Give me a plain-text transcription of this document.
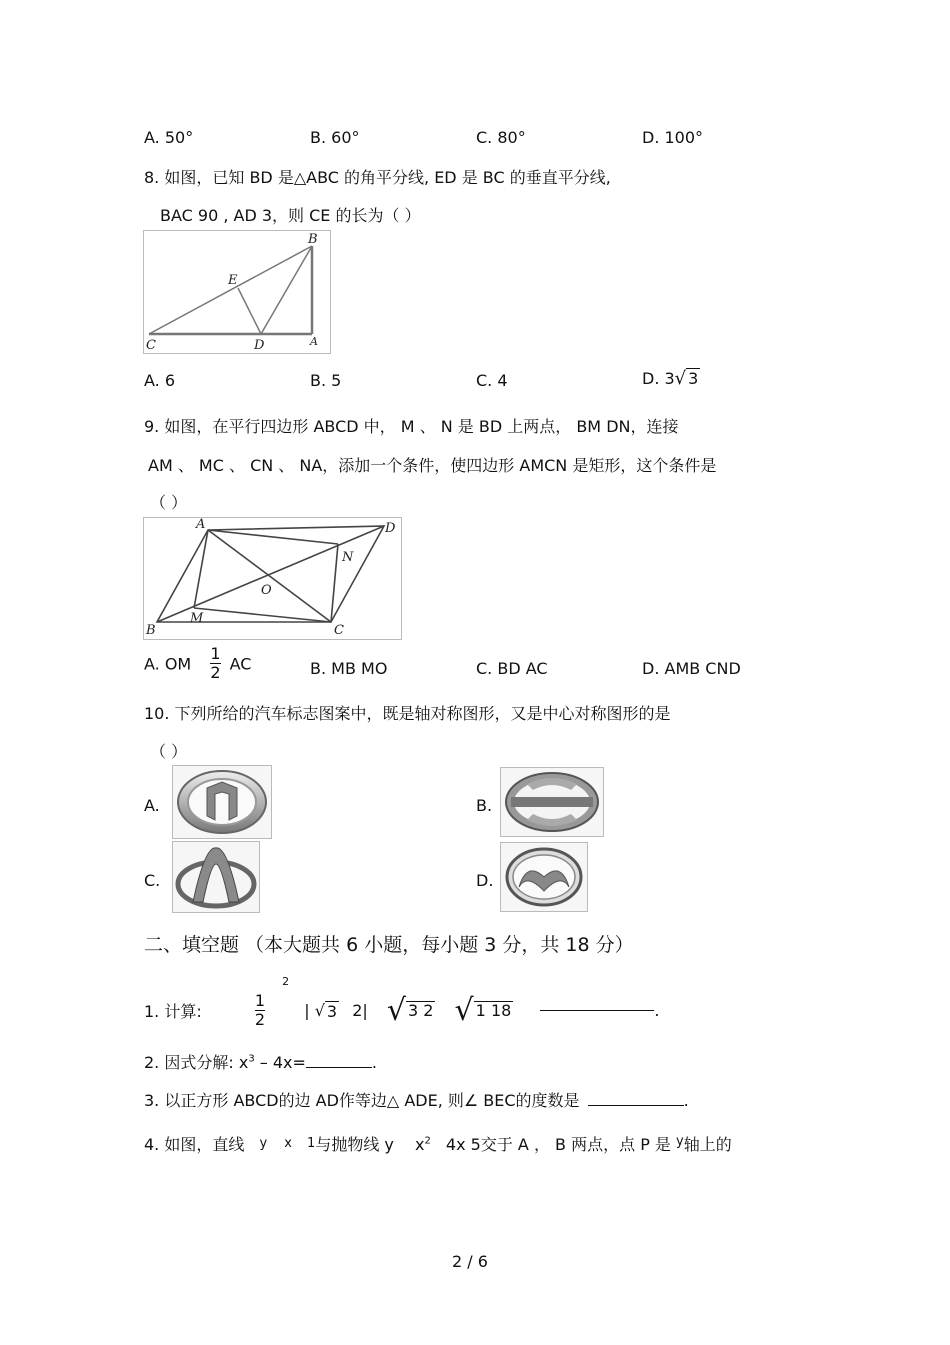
A. 50°	B. 60°	C. 80°	D. 100°
8. 如图，已知 BD 是△ABC 的角平分线, ED 是 BC 的垂直平分线,
BAC 90 , AD 3，则 CE 的长为（ ）
B
E
C	D	A
A. 6	B. 5	C. 4	D. 3√ 3
9. 如图，在平行四边形 ABCD 中， M 、 N 是 BD 上两点， BM DN，连接
AM 、 MC 、 CN 、 NA，添加一个条件，使四边形 AMCN 是矩形，这个条件是
（ ）
A	D
N
O
B
M
C
A. OM $\frac{1}{2}$ AC	B. MB MO	C. BD AC	D. AMB CND
10. 下列所给的汽车标志图案中，既是轴对称图形，又是中心对称图形的是
（ ）
A.	B.
C.	D.
二、填空题 （本大题共 6 小题，每小题 3 分，共 18 分）
1. 计算:	$\frac{1}{2}$
$^2$ | √ 3 2| √ 3 2 √ 1 18	.
2. 因式分解: $x^3 - 4x=$	.
3. 以正方形 ABCD的边 AD作等边△ ADE, 则∠ BEC的度数是	.
4. 如图，直线 y x 1与抛物线 y $x^2$ 4x 5交于 A ， B 两点，点 P 是 $^y$轴上的
2 / 6
